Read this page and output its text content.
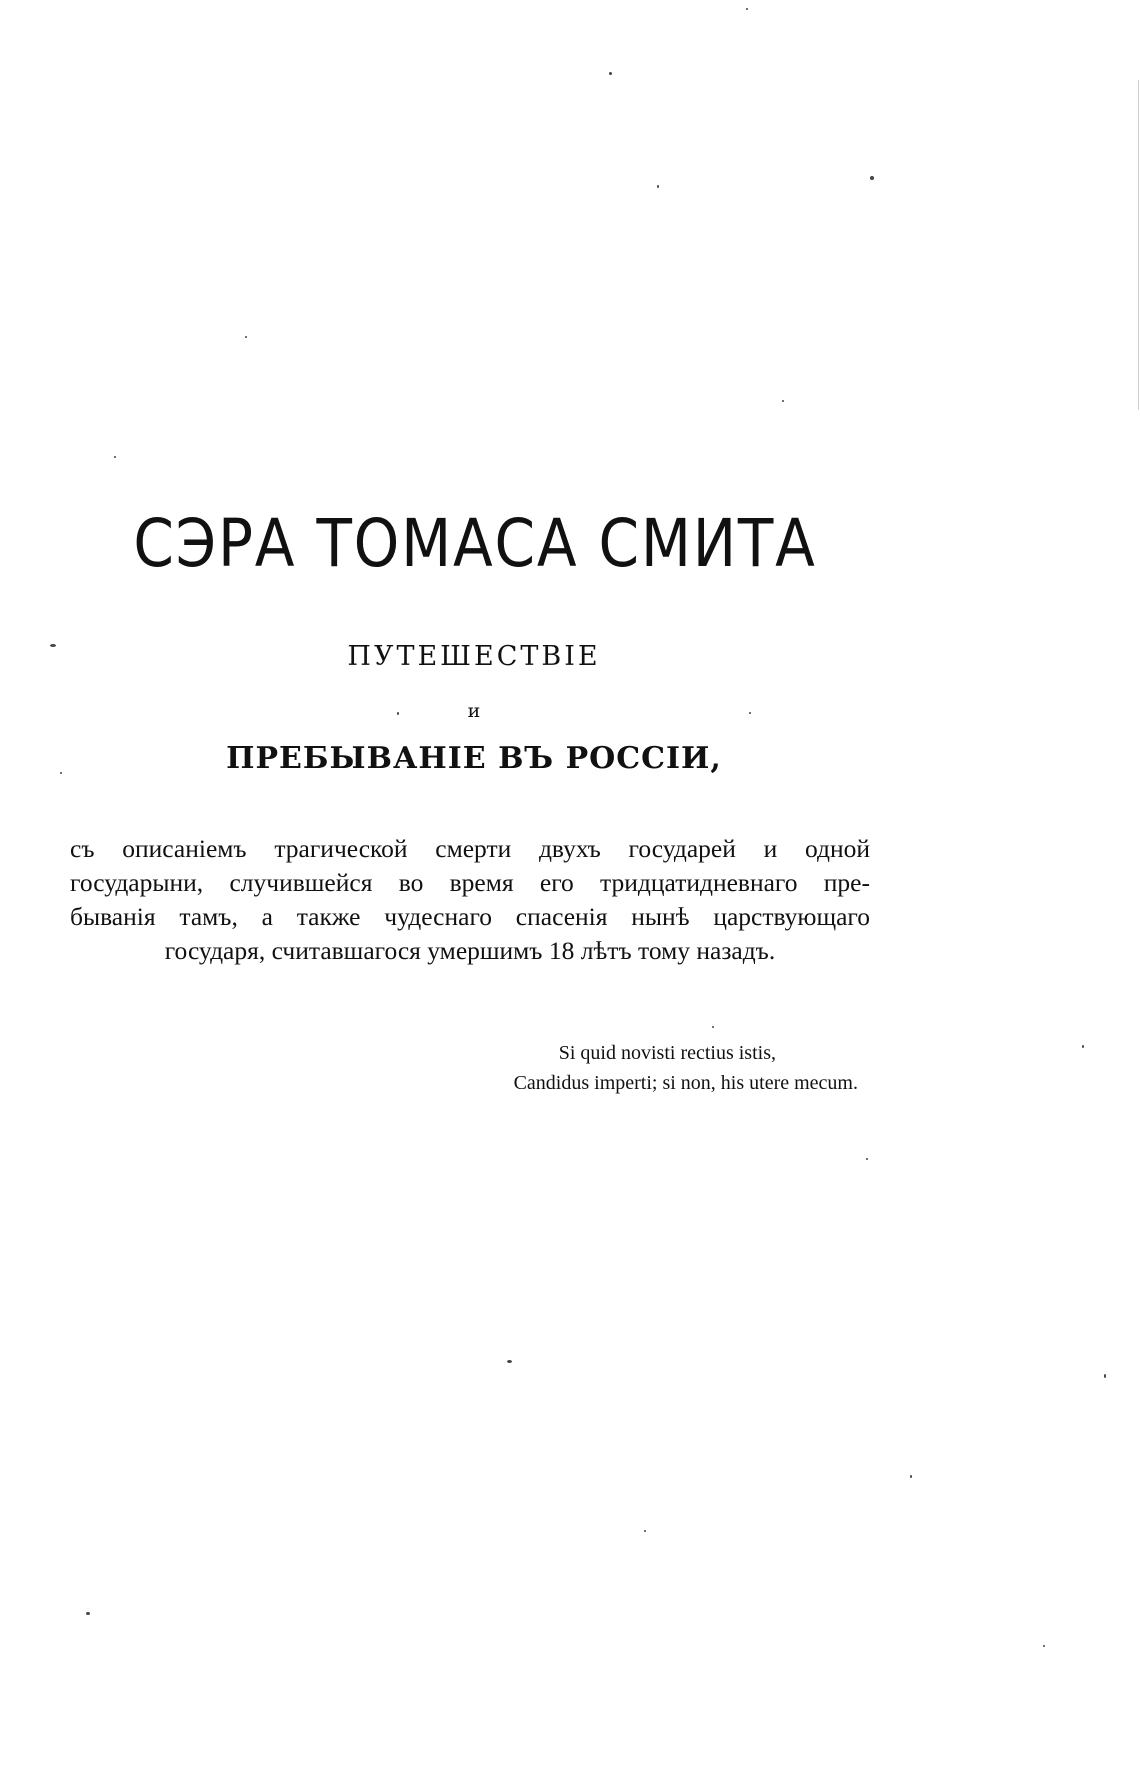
СЭРА ТОМАСА СМИТА
ПУТЕШЕСТВІЕ
и
ПРЕБЫВАНІЕ ВЪ РОССІИ,
съ описаніемъ трагической смерти двухъ государей и одной
государыни, случившейся во время его тридцатидневнаго пре-
быванія тамъ, а также чудеснаго спасенія нынѣ царствующаго
государя, считавшагося умершимъ 18 лѣтъ тому назадъ.
Si quid novisti rectius istis,
Candidus imperti; si non, his utere mecum.
